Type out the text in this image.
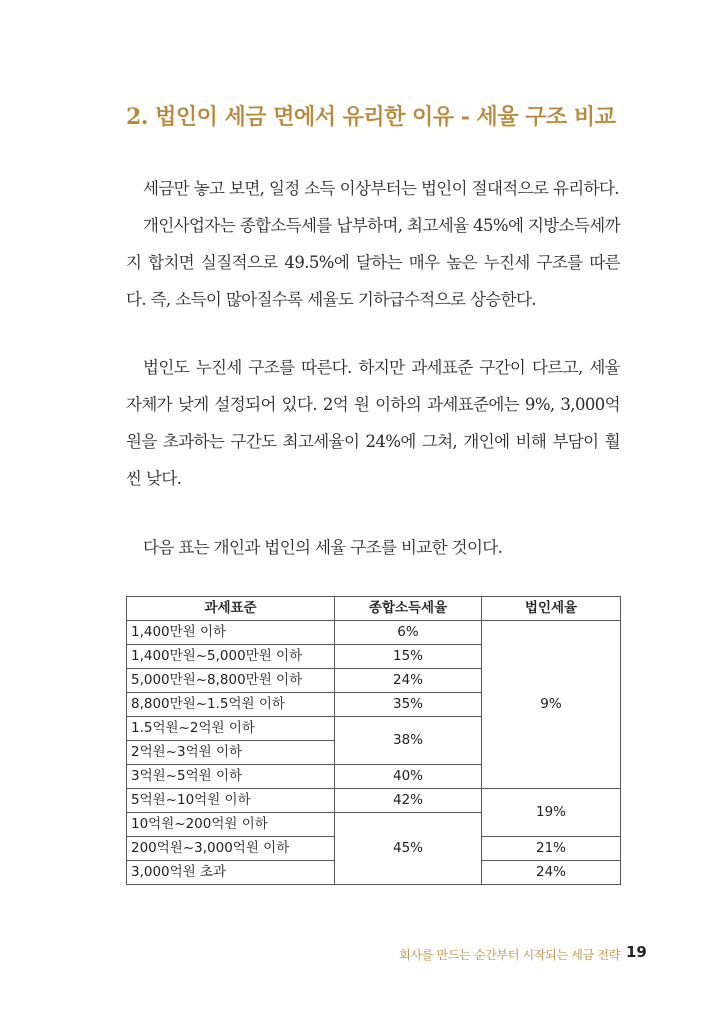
2. 법인이 세금 면에서 유리한 이유 - 세율 구조 비교

세금만 놓고 보면, 일정 소득 이상부터는 법인이 절대적으로 유리하다.

개인사업자는 종합소득세를 납부하며, 최고세율 45%에 지방소득세까지 합치면 실질적으로 49.5%에 달하는 매우 높은 누진세 구조를 따른다. 즉, 소득이 많아질수록 세율도 기하급수적으로 상승한다.

법인도 누진세 구조를 따른다. 하지만 과세표준 구간이 다르고, 세율 자체가 낮게 설정되어 있다. 2억 원 이하의 과세표준에는 9%, 3,000억 원을 초과하는 구간도 최고세율이 24%에 그쳐, 개인에 비해 부담이 훨씬 낮다.

다음 표는 개인과 법인의 세율 구조를 비교한 것이다.

과세표준	종합소득세율	법인세율
1,400만원 이하	6%	9%
1,400만원~5,000만원 이하	15%	
5,000만원~8,800만원 이하	24%	
8,800만원~1.5억원 이하	35%	
1.5억원~2억원 이하	38%	
2억원~3억원 이하		
3억원~5억원 이하	40%	
5억원~10억원 이하	42%	19%
10억원~200억원 이하	45%	
200억원~3,000억원 이하		21%
3,000억원 초과		24%
회사를 만드는 순간부터 시작되는 세금 전략 19
